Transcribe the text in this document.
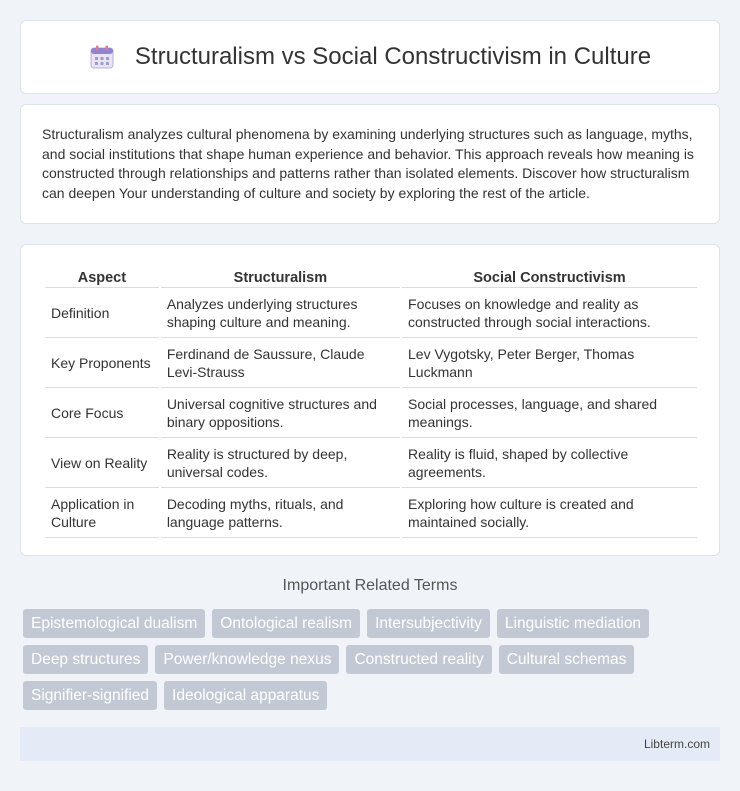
Structuralism vs Social Constructivism in Culture

Structuralism analyzes cultural phenomena by examining underlying structures such as language, myths, and social institutions that shape human experience and behavior. This approach reveals how meaning is constructed through relationships and patterns rather than isolated elements. Discover how structuralism can deepen Your understanding of culture and society by exploring the rest of the article.

Aspect	Structuralism	Social Constructivism
Definition	Analyzes underlying structures shaping culture and meaning.	Focuses on knowledge and reality as constructed through social interactions.
Key Proponents	Ferdinand de Saussure, Claude Levi-Strauss	Lev Vygotsky, Peter Berger, Thomas Luckmann
Core Focus	Universal cognitive structures and binary oppositions.	Social processes, language, and shared meanings.
View on Reality	Reality is structured by deep, universal codes.	Reality is fluid, shaped by collective agreements.
Application in Culture	Decoding myths, rituals, and language patterns.	Exploring how culture is created and maintained socially.
Important Related Terms
Epistemological dualism	Ontological realism	Intersubjectivity	Linguistic mediation
Deep structures	Power/knowledge nexus	Constructed reality	Cultural schemas
Signifier-signified	Ideological apparatus
Libterm.com
